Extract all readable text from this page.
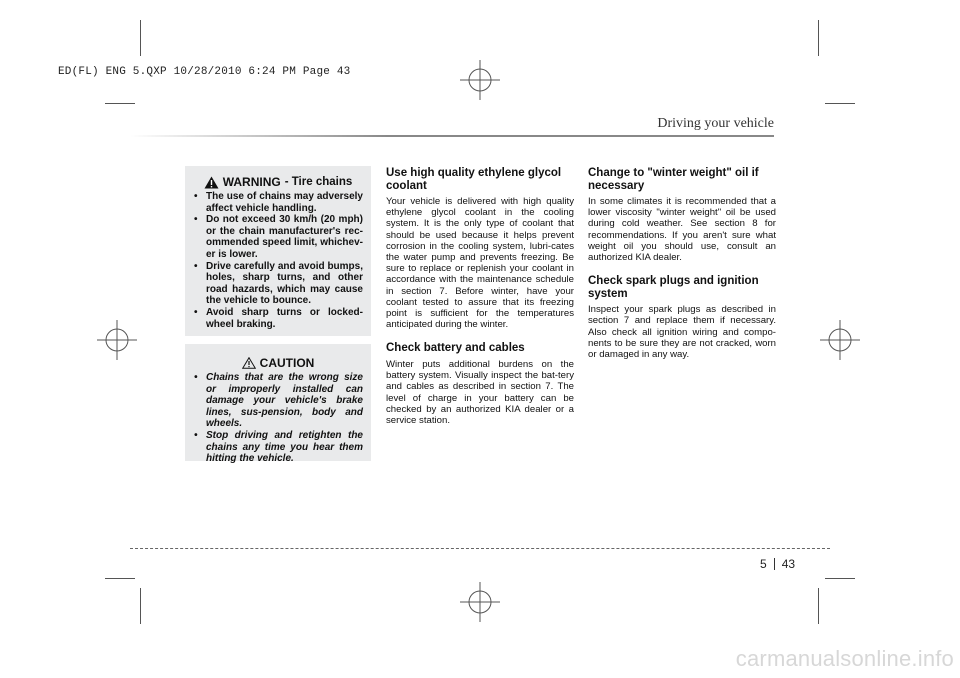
ED(FL) ENG 5.QXP 10/28/2010 6:24 PM Page 43
Driving your vehicle
WARNING - Tire chains
• The use of chains may adversely affect vehicle handling.
• Do not exceed 30 km/h (20 mph) or the chain manufacturer's rec-ommended speed limit, whichev-er is lower.
• Drive carefully and avoid bumps, holes, sharp turns, and other road hazards, which may cause the vehicle to bounce.
• Avoid sharp turns or locked-wheel braking.
CAUTION
• Chains that are the wrong size or improperly installed can damage your vehicle's brake lines, sus-pension, body and wheels.
• Stop driving and retighten the chains any time you hear them hitting the vehicle.
Use high quality ethylene glycol coolant

Your vehicle is delivered with high quality ethylene glycol coolant in the cooling system. It is the only type of coolant that should be used because it helps prevent corrosion in the cooling system, lubri-cates the water pump and prevents freezing. Be sure to replace or replenish your coolant in accordance with the maintenance schedule in section 7. Before winter, have your coolant tested to assure that its freezing point is sufficient for the temperatures anticipated during the winter.

Check battery and cables

Winter puts additional burdens on the battery system. Visually inspect the bat-tery and cables as described in section 7. The level of charge in your battery can be checked by an authorized KIA dealer or a service station.

Change to "winter weight" oil if necessary

In some climates it is recommended that a lower viscosity "winter weight" oil be used during cold weather. See section 8 for recommendations. If you aren't sure what weight oil you should use, consult an authorized KIA dealer.

Check spark plugs and ignition system

Inspect your spark plugs as described in section 7 and replace them if necessary. Also check all ignition wiring and compo-nents to be sure they are not cracked, worn or damaged in any way.

5 43
carmanualsonline.info
